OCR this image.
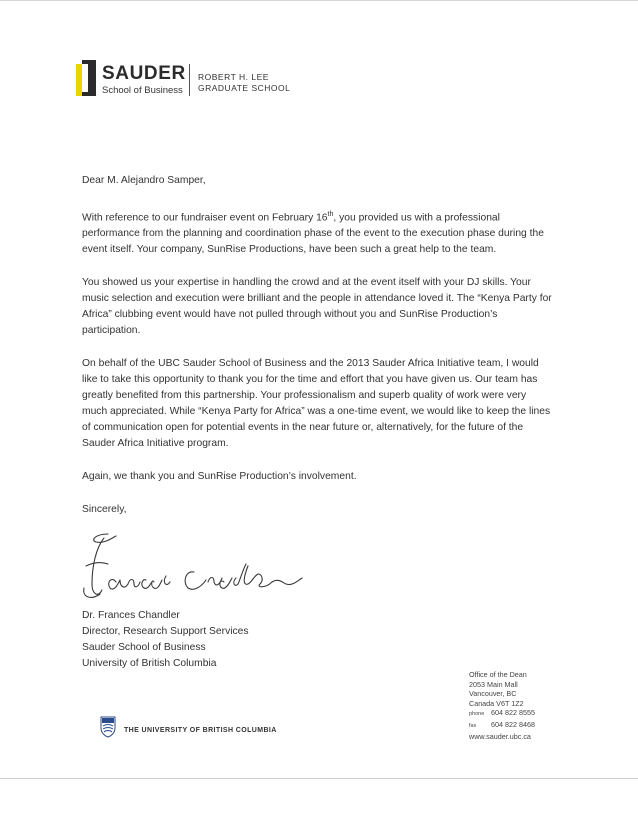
SAUDER
School of Business
ROBERT H. LEE
GRADUATE SCHOOL

Dear M. Alejandro Samper,

With reference to our fundraiser event on February 16th, you provided us with a professional performance from the planning and coordination phase of the event to the execution phase during the event itself. Your company, SunRise Productions, have been such a great help to the team.

You showed us your expertise in handling the crowd and at the event itself with your DJ skills. Your music selection and execution were brilliant and the people in attendance loved it. The “Kenya Party for Africa” clubbing event would have not pulled through without you and SunRise Production’s participation.

On behalf of the UBC Sauder School of Business and the 2013 Sauder Africa Initiative team, I would like to take this opportunity to thank you for the time and effort that you have given us. Our team has greatly benefited from this partnership. Your professionalism and superb quality of work were very much appreciated. While “Kenya Party for Africa” was a one-time event, we would like to keep the lines of communication open for potential events in the near future or, alternatively, for the future of the Sauder Africa Initiative program.

Again, we thank you and SunRise Production’s involvement.

Sincerely,

Dr. Frances Chandler
Director, Research Support Services
Sauder School of Business
University of British Columbia
THE UNIVERSITY OF BRITISH COLUMBIA
Office of the Dean
2053 Main Mall
Vancouver, BC
Canada V6T 1Z2
phone 604 822 8555
fax 604 822 8468
www.sauder.ubc.ca
